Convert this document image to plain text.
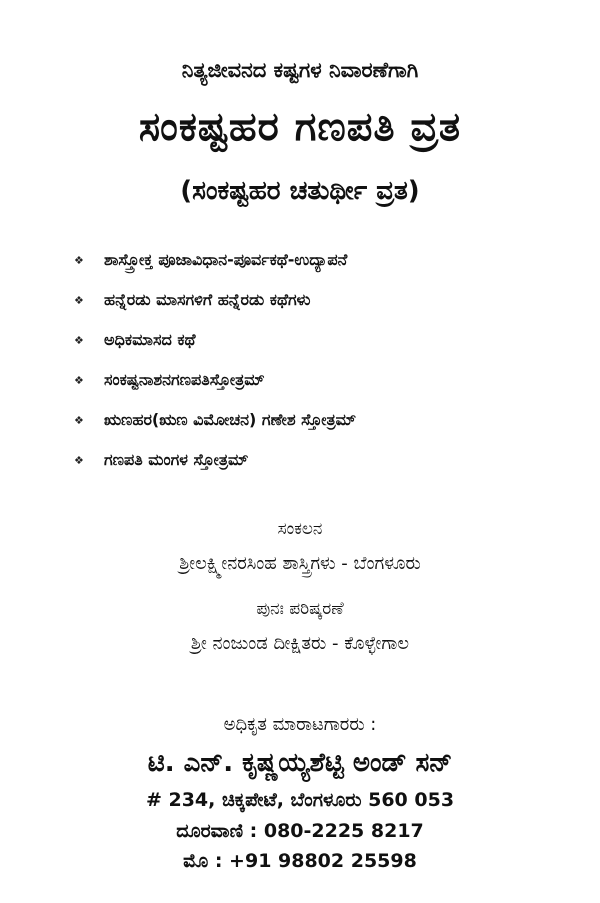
ನಿತ್ಯಜೀವನದ ಕಷ್ಟಗಳ ನಿವಾರಣೆಗಾಗಿ
ಸಂಕಷ್ಟಹರ ಗಣಪತಿ ವ್ರತ
(ಸಂಕಷ್ಟಹರ ಚತುರ್ಥೀ ವ್ರತ)
❖	ಶಾಸ್ತ್ರೋಕ್ತ ಪೂಜಾವಿಧಾನ-ಪೂರ್ವಕಥೆ-ಉದ್ಯಾಪನೆ
❖	ಹನ್ನೆರಡು ಮಾಸಗಳಿಗೆ ಹನ್ನೆರಡು ಕಥೆಗಳು
❖	ಅಧಿಕಮಾಸದ ಕಥೆ
❖	ಸಂಕಷ್ಟನಾಶನಗಣಪತಿಸ್ತೋತ್ರಮ್
❖	ಋಣಹರ(ಋಣ ವಿಮೋಚನ) ಗಣೇಶ ಸ್ತೋತ್ರಮ್
❖	ಗಣಪತಿ ಮಂಗಳ ಸ್ತೋತ್ರಮ್
ಸಂಕಲನ
ಶ್ರೀಲಕ್ಷ್ಮೀನರಸಿಂಹ ಶಾಸ್ತ್ರಿಗಳು - ಬೆಂಗಳೂರು
ಪುನಃ ಪರಿಷ್ಕರಣೆ
ಶ್ರೀ ನಂಜುಂಡ ದೀಕ್ಷಿತರು - ಕೊಳ್ಳೇಗಾಲ
ಅಧಿಕೃತ ಮಾರಾಟಗಾರರು :
ಟಿ. ಎನ್. ಕೃಷ್ಣಯ್ಯಶೆಟ್ಟಿ ಅಂಡ್ ಸನ್
# 234, ಚಿಕ್ಕಪೇಟೆ, ಬೆಂಗಳೂರು 560 053
ದೂರವಾಣಿ : 080-2225 8217
ಮೊ : +91 98802 25598
